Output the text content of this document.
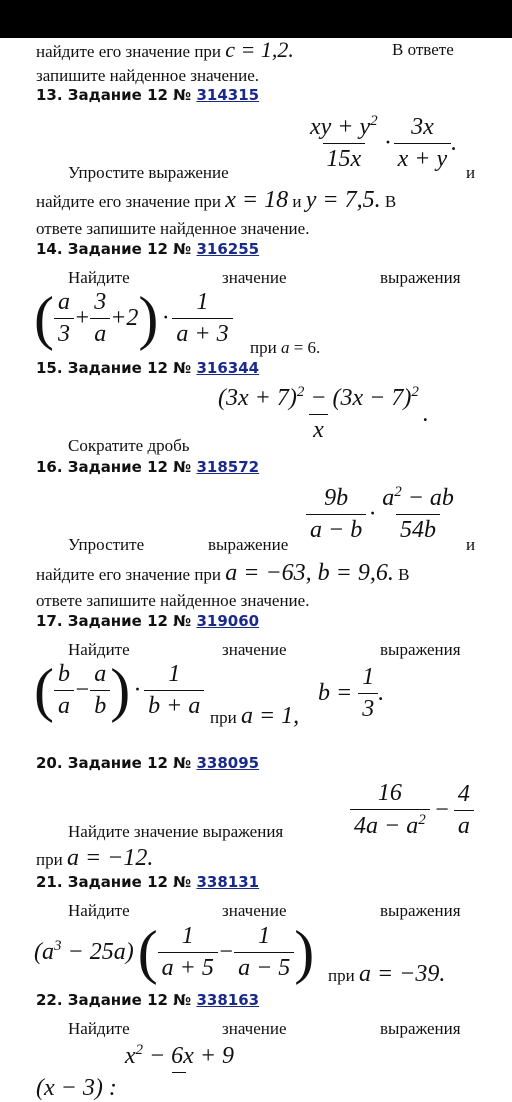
найдите его значение при c = 1,2.	В ответе
запишите найденное значение.
13. Задание 12 № 314315
Упростите выражение	$\frac{xy + y^2}{15x} \cdot \frac{3x}{x + y}$ .
и
найдите его значение при x = 18 и y = 7,5. В
ответе запишите найденное значение.
14. Задание 12 № 316255
Найдите	значение	выражения
( $\frac{a}{3} + \frac{3}{a} +2$ ) · $\frac{1}{a + 3}$ при a = 6.
15. Задание 12 № 316344
$\frac{(3x + 7)^2 - (3x - 7)^2}{x}$ .
Сократите дробь
16. Задание 12 № 318572
Упростите	выражение
$\frac{9b}{a - b} \cdot \frac{a^2 - ab}{54b}$
и
найдите его значение при a = −63, b = 9,6. В
ответе запишите найденное значение.
17. Задание 12 № 319060
Найдите	значение	выражения
( $\frac{b}{a} - \frac{a}{b}$ ) · $\frac{1}{b + a}$ при a = 1,
$b = \frac{1}{3}$ .
20. Задание 12 № 338095
Найдите значение выражения	$\frac{16}{4a - a^2} - \frac{4}{a}$
при a = −12.
21. Задание 12 № 338131
Найдите	значение	выражения
$(a^3 - 25a)$ ( $\frac{1}{a + 5} - \frac{1}{a - 5}$ ) при a = −39.
22. Задание 12 № 338163
Найдите	значение	выражения
(x − 3) :
$x^2 - 6x + 9$
